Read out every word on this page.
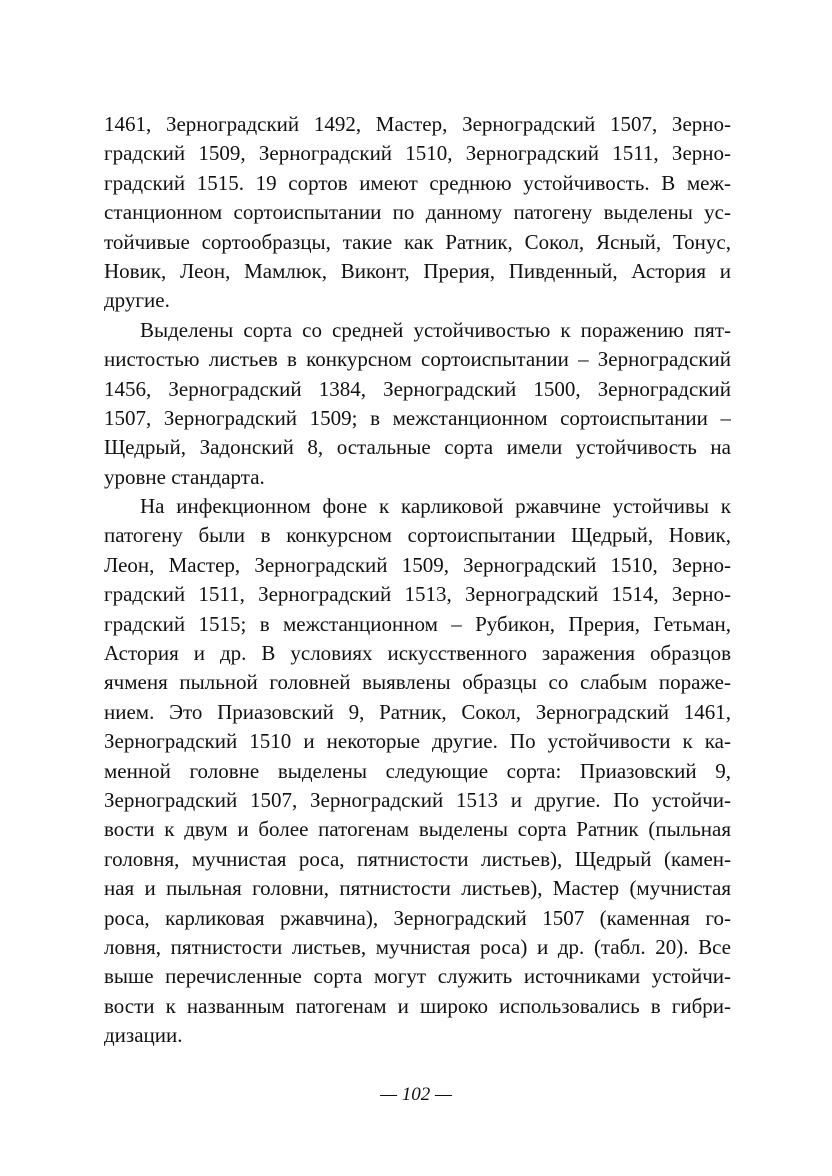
1461, Зерноградский 1492, Мастер, Зерноградский 1507, Зерно-
градский 1509, Зерноградский 1510, Зерноградский 1511, Зерно-
градский 1515. 19 сортов имеют среднюю устойчивость. В меж-
станционном сортоиспытании по данному патогену выделены ус-
тойчивые сортообразцы, такие как Ратник, Сокол, Ясный, Тонус,
Новик, Леон, Мамлюк, Виконт, Прерия, Пивденный, Астория и
другие.
Выделены сорта со средней устойчивостью к поражению пят-
нистостью листьев в конкурсном сортоиспытании – Зерноградский
1456, Зерноградский 1384, Зерноградский 1500, Зерноградский
1507, Зерноградский 1509; в межстанционном сортоиспытании –
Щедрый, Задонский 8, остальные сорта имели устойчивость на
уровне стандарта.
На инфекционном фоне к карликовой ржавчине устойчивы к
патогену были в конкурсном сортоиспытании Щедрый, Новик,
Леон, Мастер, Зерноградский 1509, Зерноградский 1510, Зерно-
градский 1511, Зерноградский 1513, Зерноградский 1514, Зерно-
градский 1515; в межстанционном – Рубикон, Прерия, Гетьман,
Астория и др. В условиях искусственного заражения образцов
ячменя пыльной головней выявлены образцы со слабым пораже-
нием. Это Приазовский 9, Ратник, Сокол, Зерноградский 1461,
Зерноградский 1510 и некоторые другие. По устойчивости к ка-
менной головне выделены следующие сорта: Приазовский 9,
Зерноградский 1507, Зерноградский 1513 и другие. По устойчи-
вости к двум и более патогенам выделены сорта Ратник (пыльная
головня, мучнистая роса, пятнистости листьев), Щедрый (камен-
ная и пыльная головни, пятнистости листьев), Мастер (мучнистая
роса, карликовая ржавчина), Зерноградский 1507 (каменная го-
ловня, пятнистости листьев, мучнистая роса) и др. (табл. 20). Все
выше перечисленные сорта могут служить источниками устойчи-
вости к названным патогенам и широко использовались в гибри-
дизации.
— 102 —
